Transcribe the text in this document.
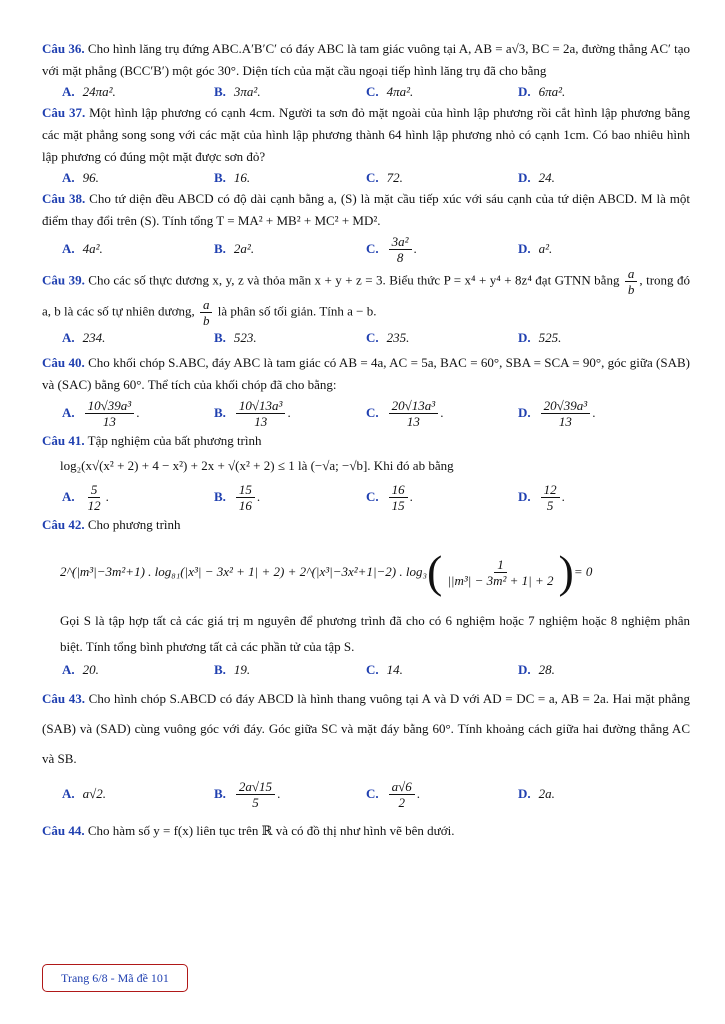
Câu 36. Cho hình lăng trụ đứng ABC.A′B′C′ có đáy ABC là tam giác vuông tại A, AB = a√3, BC = 2a, đường thẳng AC′ tạo với mặt phẳng (BCC′B′) một góc 30°. Diện tích của mặt cầu ngoại tiếp hình lăng trụ đã cho bằng
A. 24πa².	B. 3πa².	C. 4πa².	D. 6πa².
Câu 37. Một hình lập phương có cạnh 4cm. Người ta sơn đỏ mặt ngoài của hình lập phương rồi cắt hình lập phương bằng các mặt phẳng song song với các mặt của hình lập phương thành 64 hình lập phương nhỏ có cạnh 1cm. Có bao nhiêu hình lập phương có đúng một mặt được sơn đỏ?
A. 96.	B. 16.	C. 72.	D. 24.
Câu 38. Cho tứ diện đều ABCD có độ dài cạnh bằng a, (S) là mặt cầu tiếp xúc với sáu cạnh của tứ diện ABCD. M là một điểm thay đổi trên (S). Tính tổng T = MA² + MB² + MC² + MD².
A. 4a².	B. 2a².	C. $\frac{\text{3a²}}{8}$ .	D. a².
Câu 39. Cho các số thực dương x, y, z và thỏa mãn x + y + z = 3. Biểu thức P = x⁴ + y⁴ + 8z⁴ đạt GTNN bằng $\frac{a}{b}$ , trong đó a, b là các số tự nhiên dương, $\frac{a}{b}$ là phân số tối giản. Tính a − b.
A. 234.	B. 523.	C. 235.	D. 525.
Câu 40. Cho khối chóp S.ABC, đáy ABC là tam giác có AB = 4a, AC = 5a, BAC = 60°, SBA = SCA = 90°, góc giữa (SAB) và (SAC) bằng 60°. Thể tích của khối chóp đã cho bằng:
A. $\frac{\text{10√39a³}}{13}$ .	B. $\frac{\text{10√13a³}}{13}$ .	C. $\frac{\text{20√13a³}}{13}$ .	D. $\frac{\text{20√39a³}}{13}$ .
Câu 41. Tập nghiệm của bất phương trình
log₂(x√(x² + 2) + 4 − x²) + 2x + √(x² + 2) ≤ 1 là (−√a; −√b]. Khi đó ab bằng
A. $\frac{5}{12}$ .	B. $\frac{15}{16}$ .	C. $\frac{16}{15}$ .	D. $\frac{12}{5}$ .
Câu 42. Cho phương trình
2^(|m³|−3m²+1) . log₈₁(|x³| − 3x² + 1| + 2) + 2^(|x³|−3x²+1|−2) . log₃ ( $\frac{1}{\text{||m³| − 3m² + 1| + 2}}$ ) = 0
Gọi S là tập hợp tất cả các giá trị m nguyên để phương trình đã cho có 6 nghiệm hoặc 7 nghiệm hoặc 8 nghiệm phân biệt. Tính tổng bình phương tất cả các phần tử của tập S.
A. 20.	B. 19.	C. 14.	D. 28.
Câu 43. Cho hình chóp S.ABCD có đáy ABCD là hình thang vuông tại A và D với AD = DC = a, AB = 2a. Hai mặt phẳng (SAB) và (SAD) cùng vuông góc với đáy. Góc giữa SC và mặt đáy bằng 60°. Tính khoảng cách giữa hai đường thẳng AC và SB.
A. a√2.	B. $\frac{2a√15}{5}$ .	C. $\frac{a√6}{2}$ .	D. 2a.
Câu 44. Cho hàm số y = f(x) liên tục trên ℝ và có đồ thị như hình vẽ bên dưới.
Trang 6/8 - Mã đề 101
